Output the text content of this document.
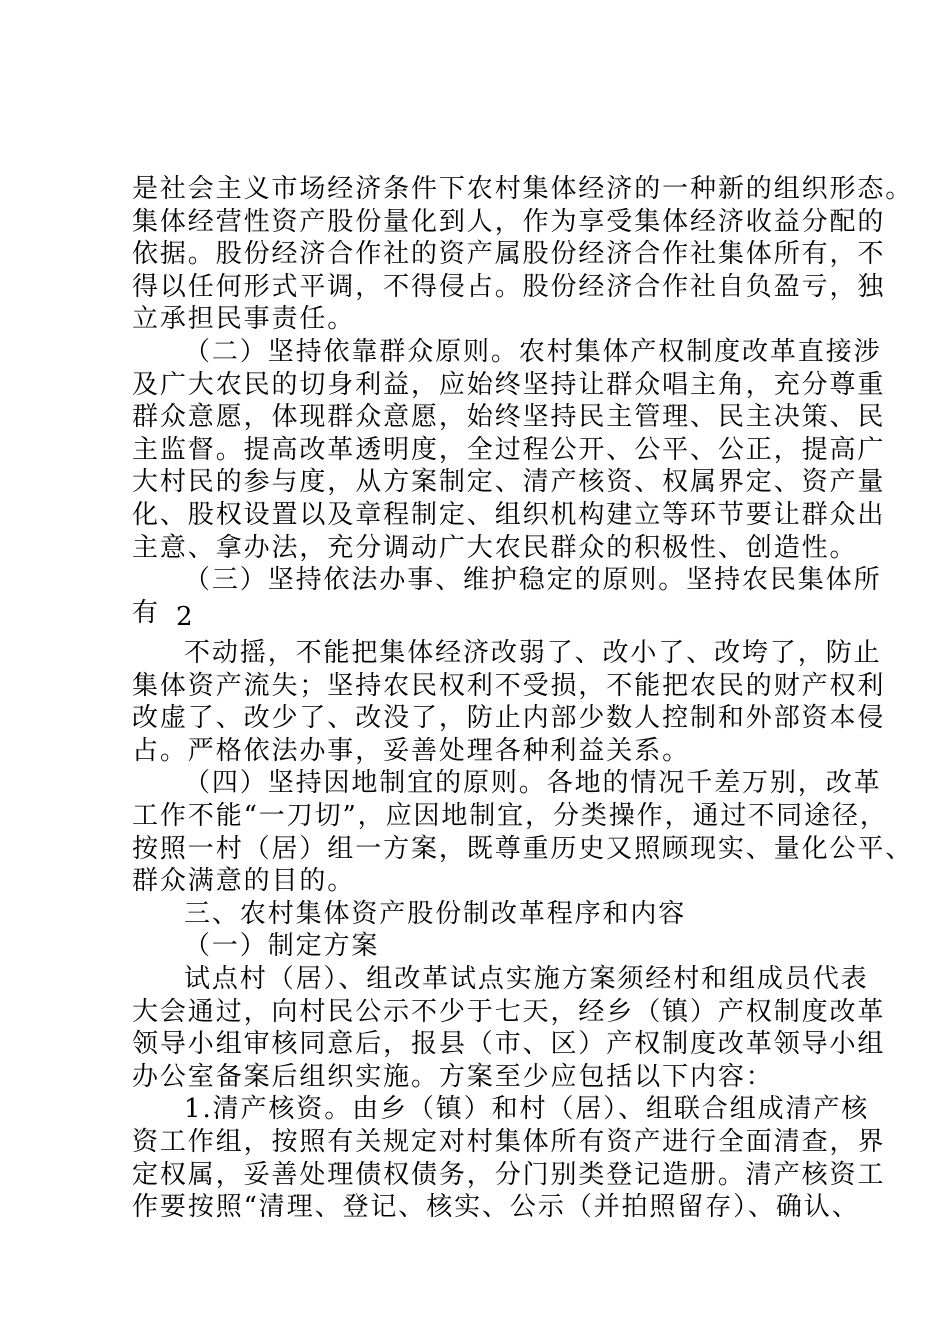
是社会主义市场经济条件下农村集体经济的一种新的组织形态。
集体经营性资产股份量化到人，作为享受集体经济收益分配的
依据。股份经济合作社的资产属股份经济合作社集体所有，不
得以任何形式平调，不得侵占。股份经济合作社自负盈亏，独
立承担民事责任。
（二）坚持依靠群众原则。农村集体产权制度改革直接涉
及广大农民的切身利益，应始终坚持让群众唱主角，充分尊重
群众意愿，体现群众意愿，始终坚持民主管理、民主决策、民
主监督。提高改革透明度，全过程公开、公平、公正，提高广
大村民的参与度，从方案制定、清产核资、权属界定、资产量
化、股权设置以及章程制定、组织机构建立等环节要让群众出
主意、拿办法，充分调动广大农民群众的积极性、创造性。
（三）坚持依法办事、维护稳定的原则。坚持农民集体所
有 2
不动摇，不能把集体经济改弱了、改小了、改垮了，防止
集体资产流失；坚持农民权利不受损，不能把农民的财产权利
改虚了、改少了、改没了，防止内部少数人控制和外部资本侵
占。严格依法办事，妥善处理各种利益关系。
（四）坚持因地制宜的原则。各地的情况千差万别，改革
工作不能“一刀切”，应因地制宜，分类操作，通过不同途径，
按照一村（居）组一方案，既尊重历史又照顾现实、量化公平、
群众满意的目的。
三、农村集体资产股份制改革程序和内容
（一）制定方案
试点村（居）、组改革试点实施方案须经村和组成员代表
大会通过，向村民公示不少于七天，经乡（镇）产权制度改革
领导小组审核同意后，报县（市、区）产权制度改革领导小组
办公室备案后组织实施。方案至少应包括以下内容：
1.清产核资。由乡（镇）和村（居）、组联合组成清产核
资工作组，按照有关规定对村集体所有资产进行全面清查，界
定权属，妥善处理债权债务，分门别类登记造册。清产核资工
作要按照“清理、登记、核实、公示（并拍照留存）、确认、
